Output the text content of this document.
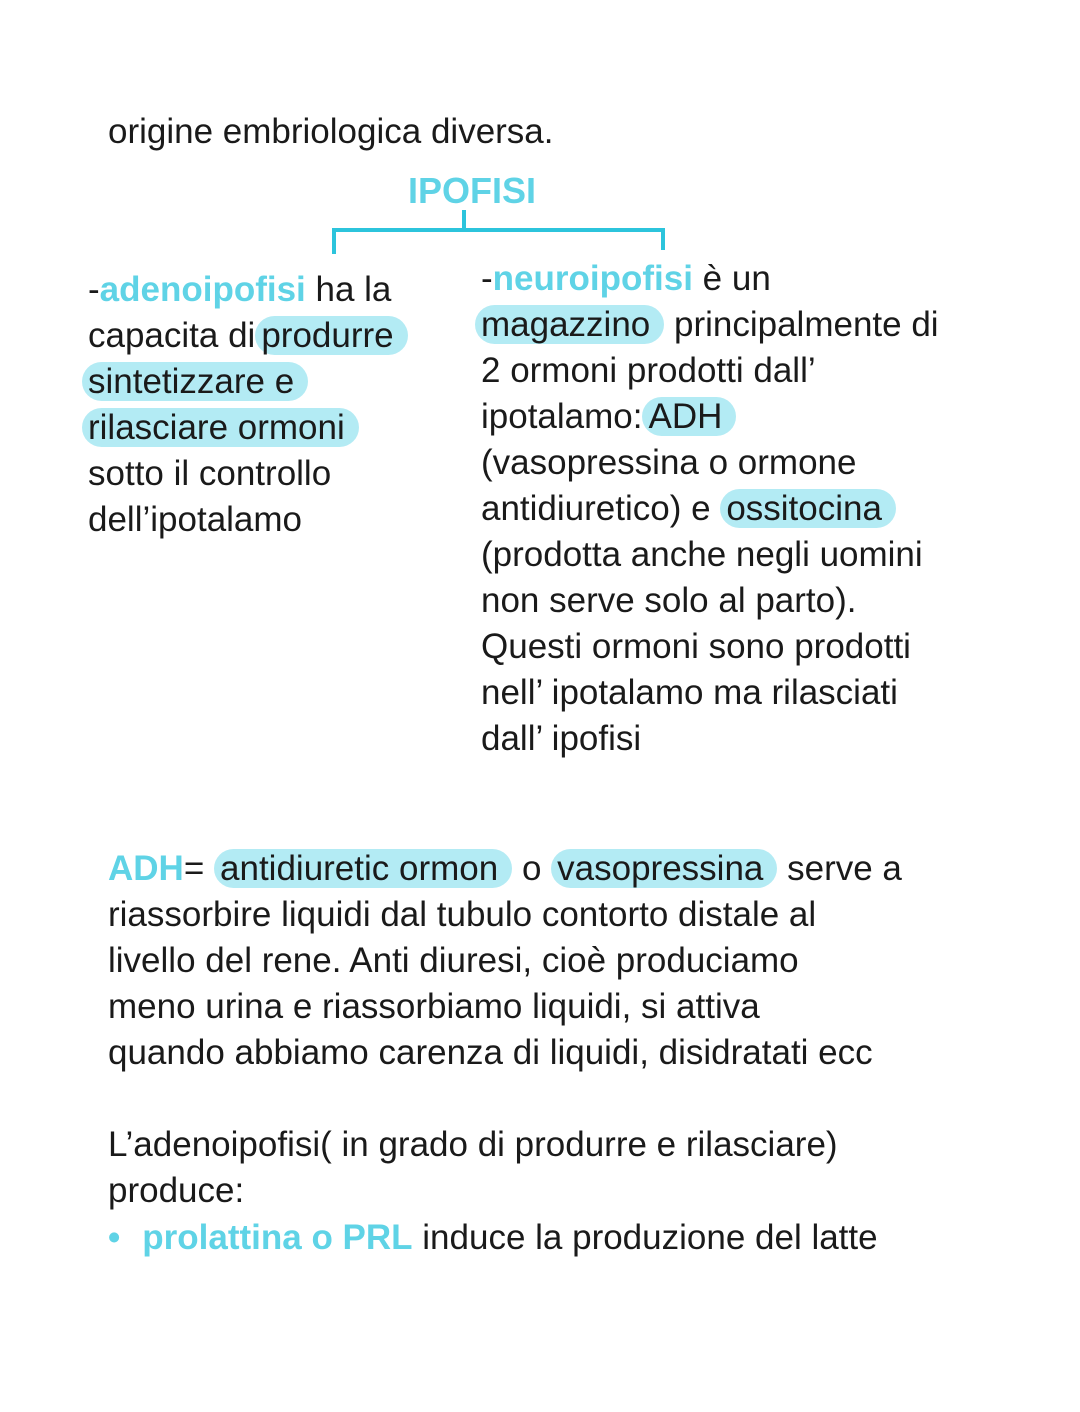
origine embriologica diversa.
IPOFISI
-adenoipofisi ha la
capacita di produrre
sintetizzare e
rilasciare ormoni
sotto il controllo
dell’ipotalamo
-neuroipofisi è un
magazzino principalmente di
2 ormoni prodotti dall’
ipotalamo: ADH
(vasopressina o ormone
antidiuretico) e ossitocina
(prodotta anche negli uomini
non serve solo al parto).
Questi ormoni sono prodotti
nell’ ipotalamo ma rilasciati
dall’ ipofisi
ADH= antidiuretic ormon o vasopressina serve a
riassorbire liquidi dal tubulo contorto distale al
livello del rene. Anti diuresi, cioè produciamo
meno urina e riassorbiamo liquidi, si attiva
quando abbiamo carenza di liquidi, disidratati ecc
L’adenoipofisi( in grado di produrre e rilasciare)
produce:
• prolattina o PRL induce la produzione del latte
